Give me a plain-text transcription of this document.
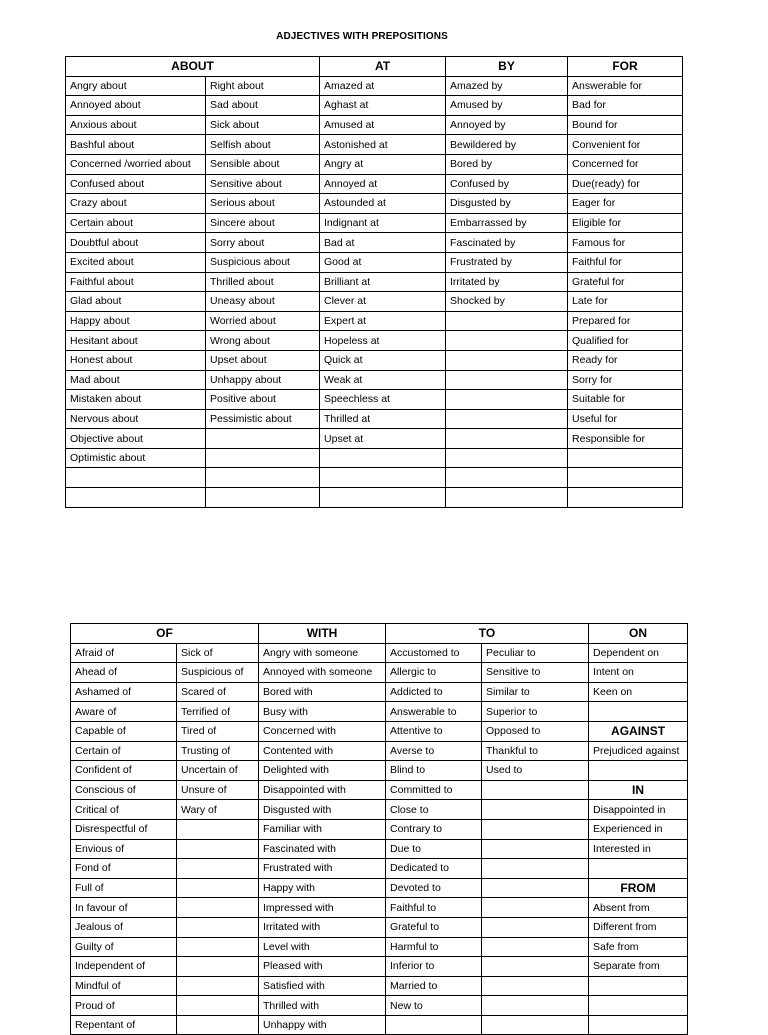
ADJECTIVES WITH PREPOSITIONS
ABOUT		AT	BY	FOR
Angry about	Right about	Amazed at	Amazed by	Answerable for
Annoyed about	Sad about	Aghast at	Amused by	Bad for
Anxious about	Sick about	Amused at	Annoyed by	Bound for
Bashful about	Selfish about	Astonished at	Bewildered by	Convenient for
Concerned /worried about	Sensible about	Angry at	Bored by	Concerned for
Confused about	Sensitive about	Annoyed at	Confused by	Due(ready) for
Crazy about	Serious about	Astounded at	Disgusted by	Eager for
Certain about	Sincere about	Indignant at	Embarrassed by	Eligible for
Doubtful about	Sorry about	Bad at	Fascinated by	Famous for
Excited about	Suspicious about	Good at	Frustrated by	Faithful for
Faithful about	Thrilled about	Brilliant at	Irritated by	Grateful for
Glad about	Uneasy about	Clever at	Shocked by	Late for
Happy about	Worried about	Expert at		Prepared for
Hesitant about	Wrong about	Hopeless at		Qualified for
Honest about	Upset about	Quick at		Ready for
Mad about	Unhappy about	Weak at		Sorry for
Mistaken about	Positive about	Speechless at		Suitable for
Nervous about	Pessimistic about	Thrilled at		Useful for
Objective about		Upset at		Responsible for
Optimistic about				

OF		WITH	TO		ON
Afraid of	Sick of	Angry with someone	Accustomed to	Peculiar to	Dependent on
Ahead of	Suspicious of	Annoyed with someone	Allergic to	Sensitive to	Intent on
Ashamed of	Scared of	Bored with	Addicted to	Similar to	Keen on
Aware of	Terrified of	Busy with	Answerable to	Superior to	
Capable of	Tired of	Concerned with	Attentive to	Opposed to	AGAINST
Certain of	Trusting of	Contented with	Averse to	Thankful to	Prejudiced against
Confident of	Uncertain of	Delighted with	Blind to	Used to	
Conscious of	Unsure of	Disappointed with	Committed to		IN
Critical of	Wary of	Disgusted with	Close to		Disappointed in
Disrespectful of		Familiar with	Contrary to		Experienced in
Envious of		Fascinated with	Due to		Interested in
Fond of		Frustrated with	Dedicated to		
Full of		Happy with	Devoted to		FROM
In favour of		Impressed with	Faithful to		Absent from
Jealous of		Irritated with	Grateful to		Different from
Guilty of		Level with	Harmful to		Safe from
Independent of		Pleased with	Inferior to		Separate from
Mindful of		Satisfied with	Married to		
Proud of		Thrilled with	New to		
Repentant of		Unhappy with			
